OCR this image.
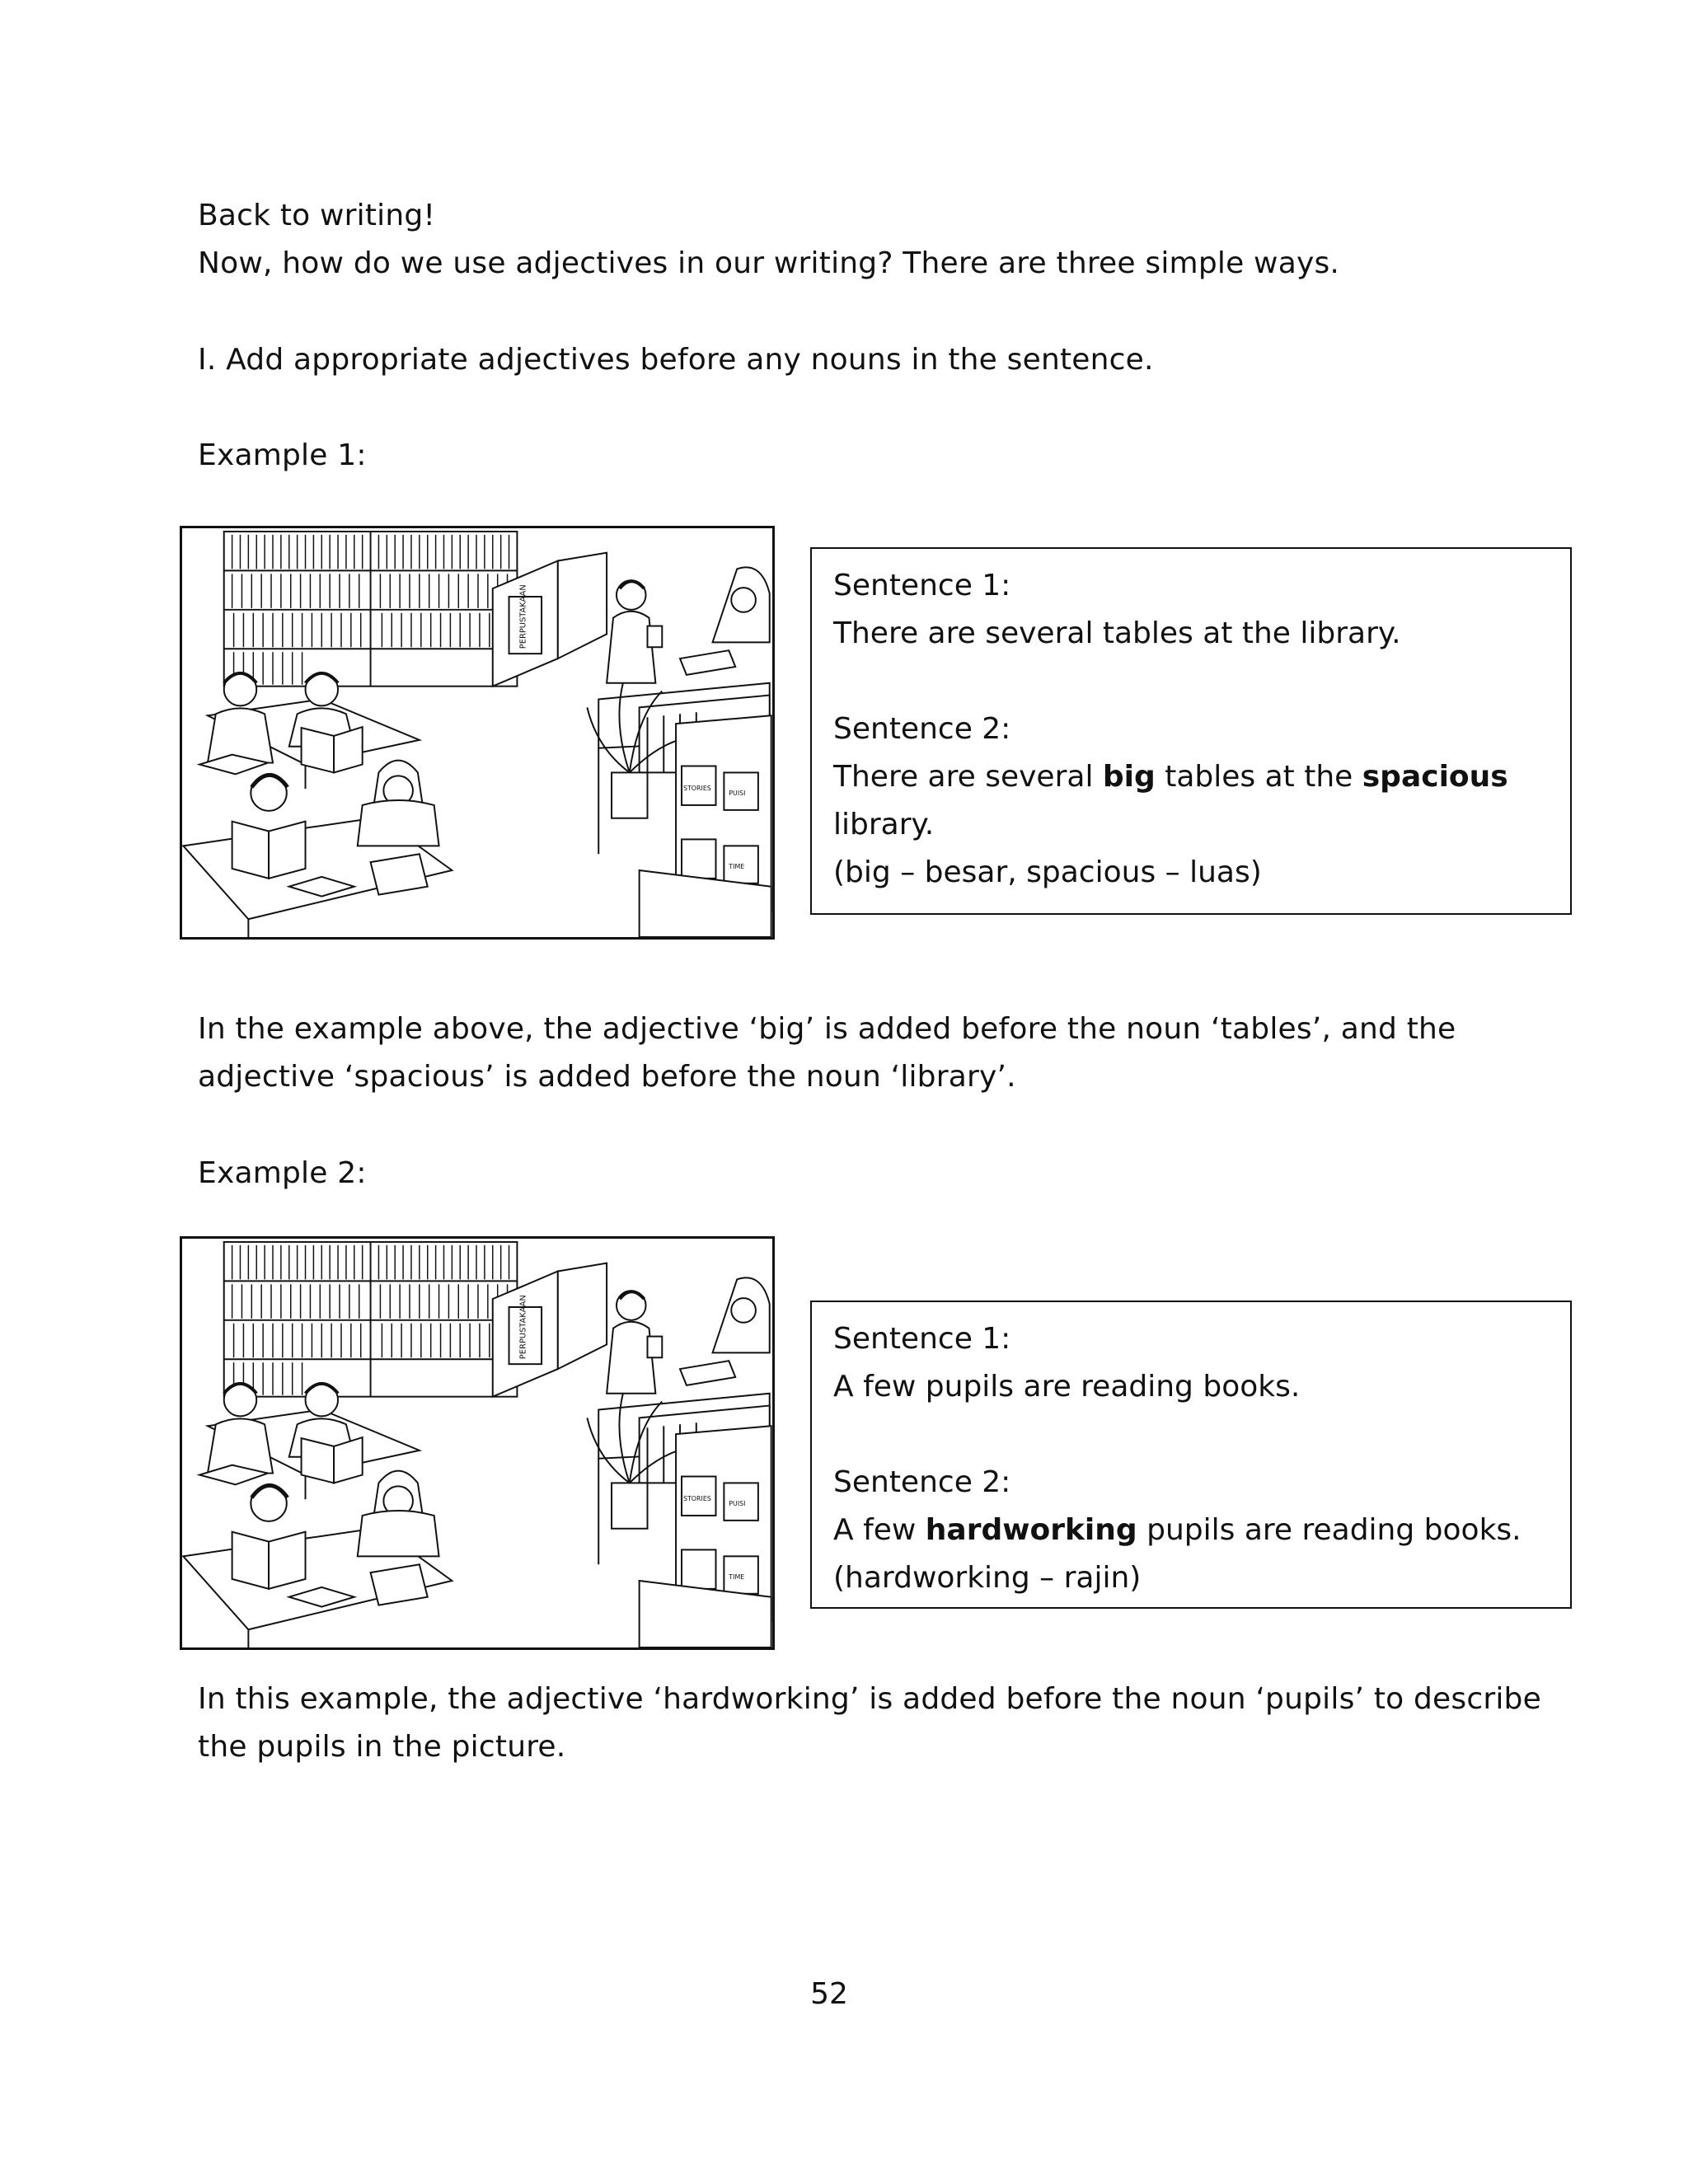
Back to writing!
Now, how do we use adjectives in our writing? There are three simple ways.
I. Add appropriate adjectives before any nouns in the sentence.
Example 1:
PERPUSTAKAAN
STORIES
PUISI
TIME

Sentence 1:

There are several tables at the library.

Sentence 2:

There are several big tables at the spacious

library.

(big – besar, spacious – luas)

In the example above, the adjective ‘big’ is added before the noun ‘tables’, and the
adjective ‘spacious’ is added before the noun ‘library’.
Example 2:
PERPUSTAKAAN
STORIES
PUISI
TIME

Sentence 1:

A few pupils are reading books.

Sentence 2:

A few hardworking pupils are reading books.

(hardworking – rajin)

In this example, the adjective ‘hardworking’ is added before the noun ‘pupils’ to describe
the pupils in the picture.
52
